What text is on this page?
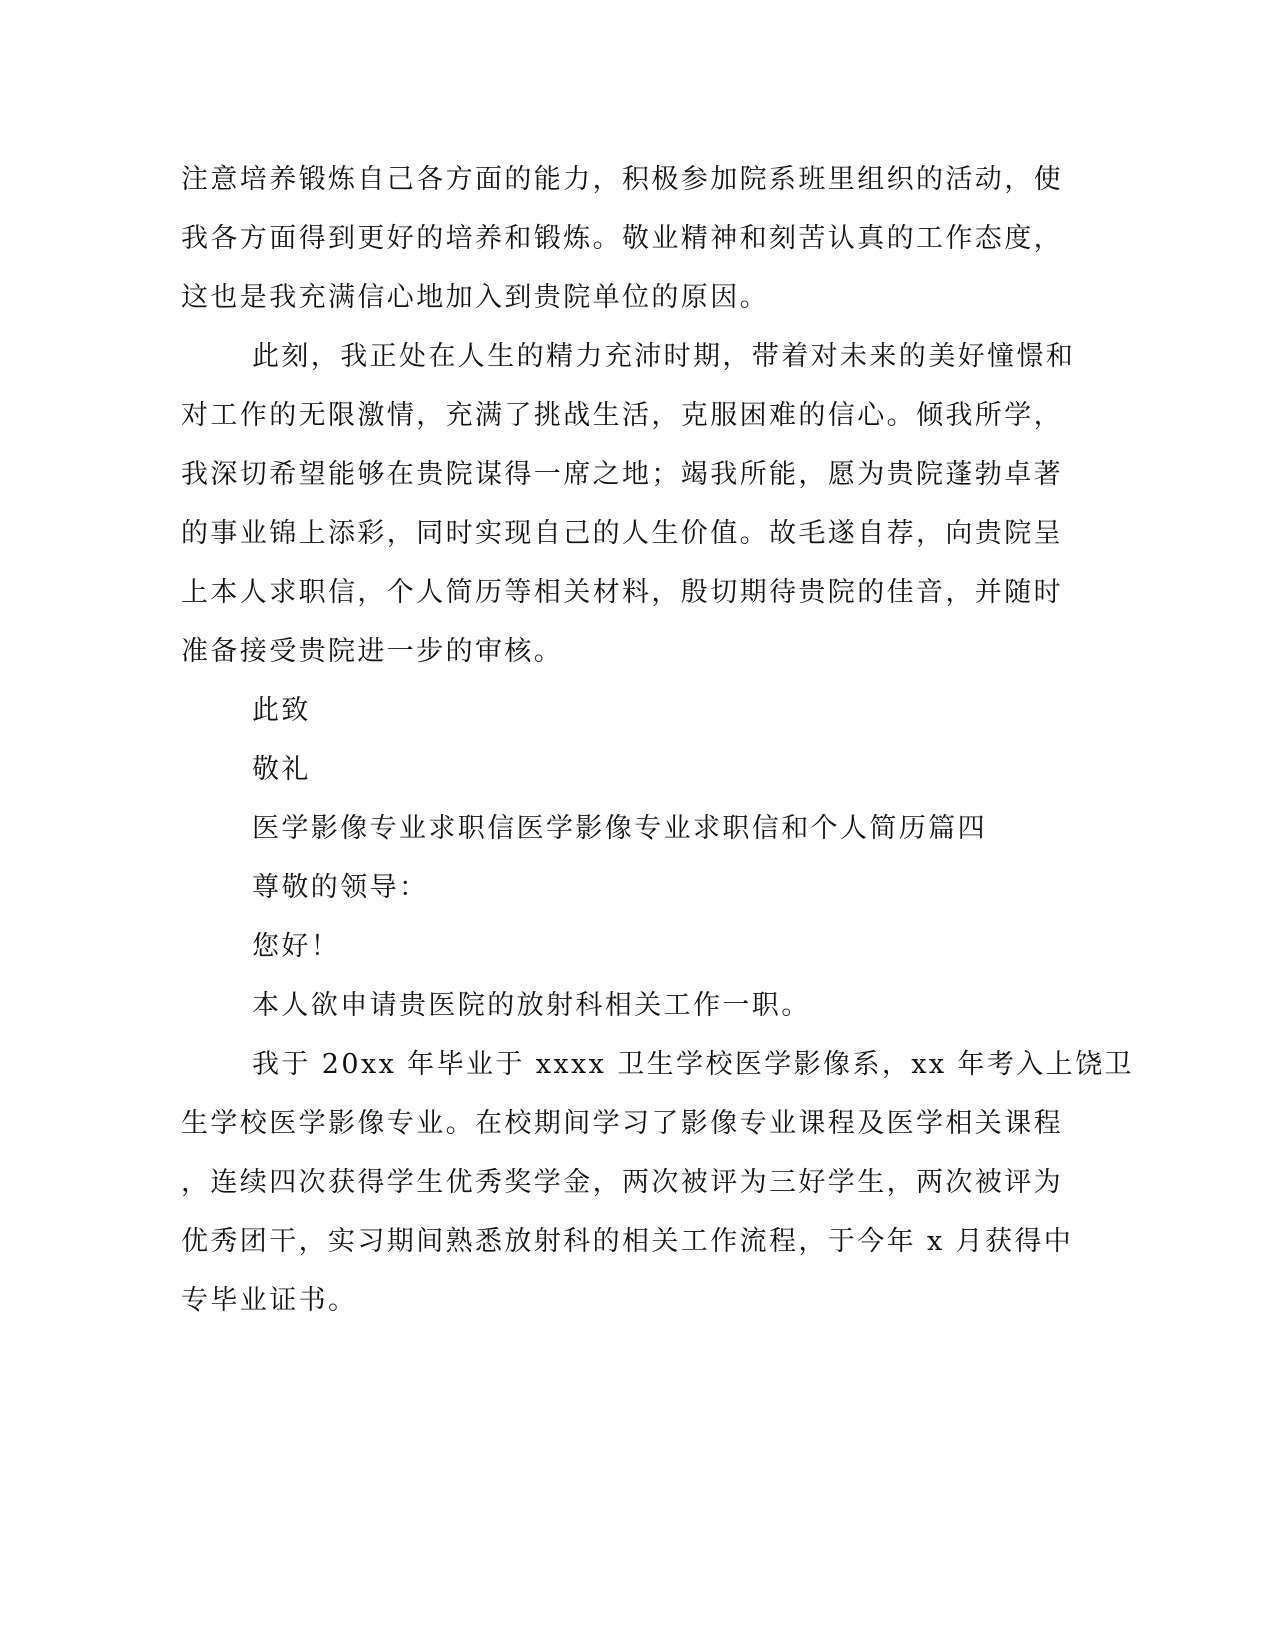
注意培养锻炼自己各方面的能力，积极参加院系班里组织的活动，使
我各方面得到更好的培养和锻炼。敬业精神和刻苦认真的工作态度，
这也是我充满信心地加入到贵院单位的原因。
此刻，我正处在人生的精力充沛时期，带着对未来的美好憧憬和
对工作的无限激情，充满了挑战生活，克服困难的信心。倾我所学，
我深切希望能够在贵院谋得一席之地；竭我所能，愿为贵院蓬勃卓著
的事业锦上添彩，同时实现自己的人生价值。故毛遂自荐，向贵院呈
上本人求职信，个人简历等相关材料，殷切期待贵院的佳音，并随时
准备接受贵院进一步的审核。
此致
敬礼
医学影像专业求职信医学影像专业求职信和个人简历篇四
尊敬的领导：
您好！
本人欲申请贵医院的放射科相关工作一职。
我于 20xx 年毕业于 xxxx 卫生学校医学影像系，xx 年考入上饶卫
生学校医学影像专业。在校期间学习了影像专业课程及医学相关课程
，连续四次获得学生优秀奖学金，两次被评为三好学生，两次被评为
优秀团干，实习期间熟悉放射科的相关工作流程，于今年 x 月获得中
专毕业证书。
